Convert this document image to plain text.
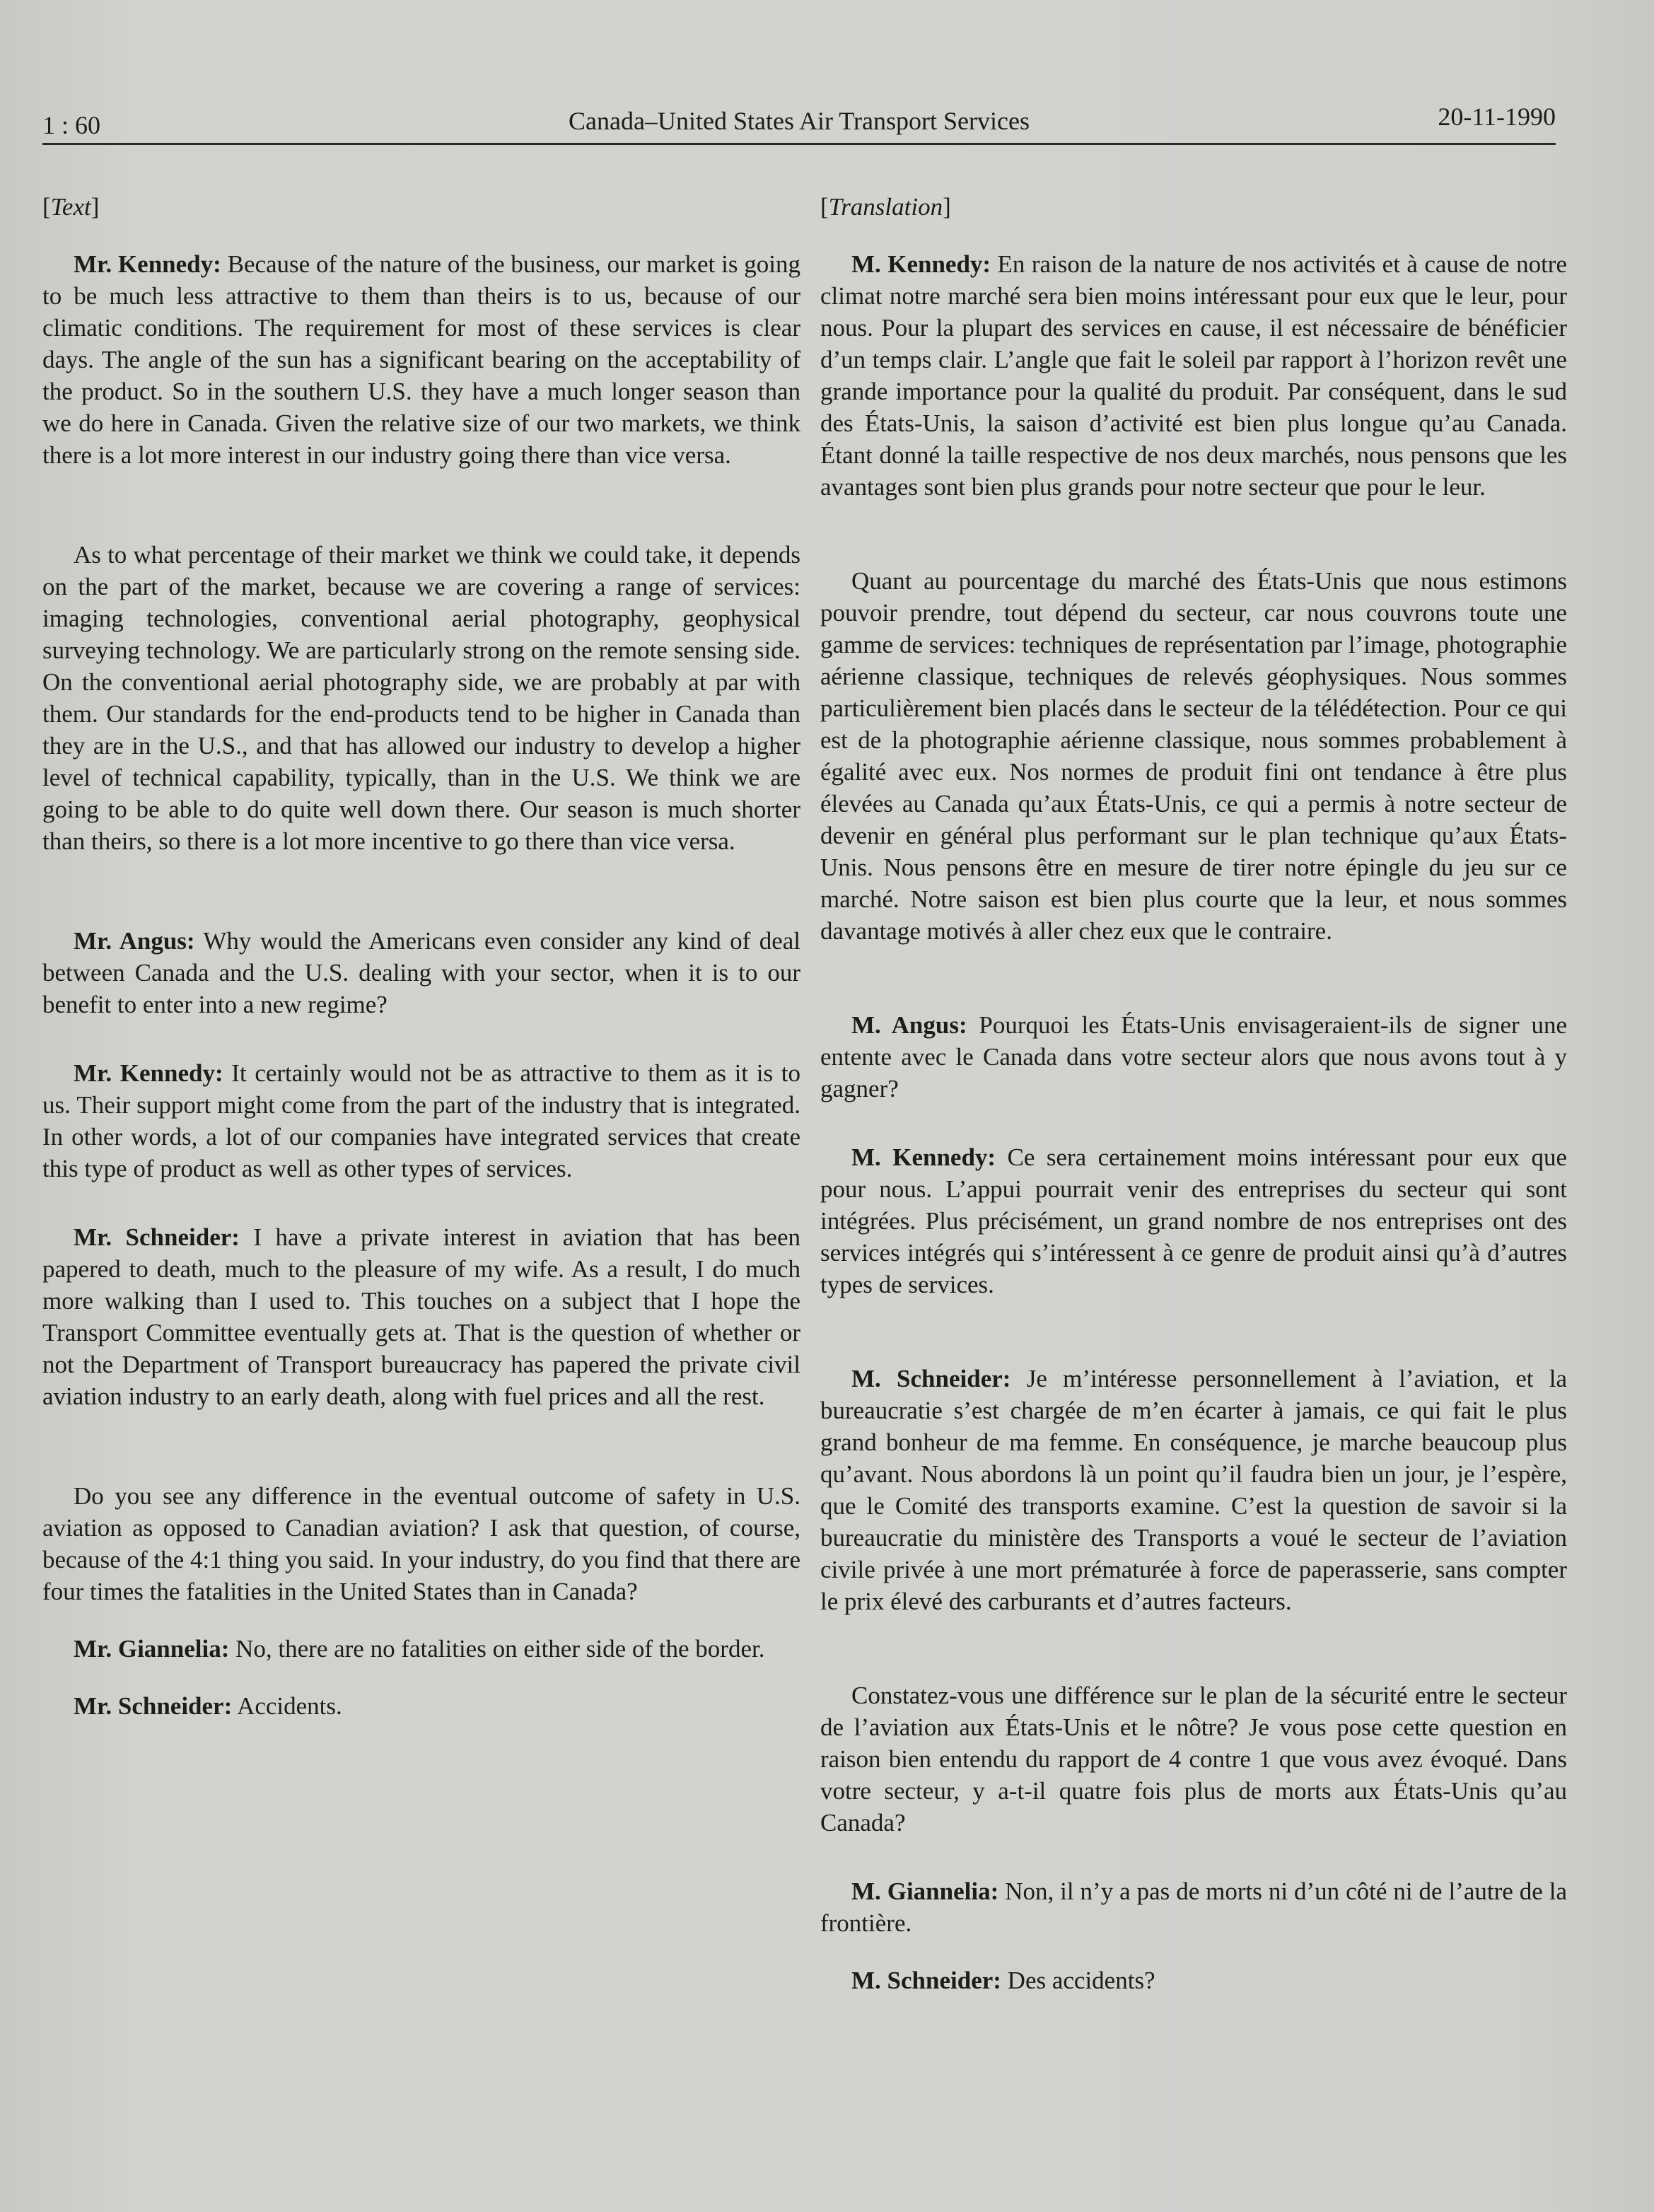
1 : 60	Canada–United States Air Transport Services	20-11-1990
[Text]

Mr. Kennedy: Because of the nature of the business, our market is going to be much less attractive to them than theirs is to us, because of our climatic conditions. The requirement for most of these services is clear days. The angle of the sun has a significant bearing on the acceptability of the product. So in the southern U.S. they have a much longer season than we do here in Canada. Given the relative size of our two markets, we think there is a lot more interest in our industry going there than vice versa.

As to what percentage of their market we think we could take, it depends on the part of the market, because we are covering a range of services: imaging technologies, conventional aerial photography, geophysical surveying technology. We are particularly strong on the remote sensing side. On the conventional aerial photography side, we are probably at par with them. Our standards for the end-products tend to be higher in Canada than they are in the U.S., and that has allowed our industry to develop a higher level of technical capability, typically, than in the U.S. We think we are going to be able to do quite well down there. Our season is much shorter than theirs, so there is a lot more incentive to go there than vice versa.

Mr. Angus: Why would the Americans even consider any kind of deal between Canada and the U.S. dealing with your sector, when it is to our benefit to enter into a new regime?

Mr. Kennedy: It certainly would not be as attractive to them as it is to us. Their support might come from the part of the industry that is integrated. In other words, a lot of our companies have integrated services that create this type of product as well as other types of services.

Mr. Schneider: I have a private interest in aviation that has been papered to death, much to the pleasure of my wife. As a result, I do much more walking than I used to. This touches on a subject that I hope the Transport Committee eventually gets at. That is the question of whether or not the Department of Transport bureaucracy has papered the private civil aviation industry to an early death, along with fuel prices and all the rest.

Do you see any difference in the eventual outcome of safety in U.S. aviation as opposed to Canadian aviation? I ask that question, of course, because of the 4:1 thing you said. In your industry, do you find that there are four times the fatalities in the United States than in Canada?

Mr. Giannelia: No, there are no fatalities on either side of the border.

Mr. Schneider: Accidents.

[Translation]

M. Kennedy: En raison de la nature de nos activités et à cause de notre climat notre marché sera bien moins intéressant pour eux que le leur, pour nous. Pour la plupart des services en cause, il est nécessaire de bénéficier d’un temps clair. L’angle que fait le soleil par rapport à l’horizon revêt une grande importance pour la qualité du produit. Par conséquent, dans le sud des États-Unis, la saison d’activité est bien plus longue qu’au Canada. Étant donné la taille respective de nos deux marchés, nous pensons que les avantages sont bien plus grands pour notre secteur que pour le leur.

Quant au pourcentage du marché des États-Unis que nous estimons pouvoir prendre, tout dépend du secteur, car nous couvrons toute une gamme de services: techniques de représentation par l’image, photographie aérienne classique, techniques de relevés géophysiques. Nous sommes particulièrement bien placés dans le secteur de la télédétection. Pour ce qui est de la photographie aérienne classique, nous sommes probablement à égalité avec eux. Nos normes de produit fini ont tendance à être plus élevées au Canada qu’aux États-Unis, ce qui a permis à notre secteur de devenir en général plus performant sur le plan technique qu’aux États-Unis. Nous pensons être en mesure de tirer notre épingle du jeu sur ce marché. Notre saison est bien plus courte que la leur, et nous sommes davantage motivés à aller chez eux que le contraire.

M. Angus: Pourquoi les États-Unis envisageraient-ils de signer une entente avec le Canada dans votre secteur alors que nous avons tout à y gagner?

M. Kennedy: Ce sera certainement moins intéressant pour eux que pour nous. L’appui pourrait venir des entreprises du secteur qui sont intégrées. Plus précisément, un grand nombre de nos entreprises ont des services intégrés qui s’intéressent à ce genre de produit ainsi qu’à d’autres types de services.

M. Schneider: Je m’intéresse personnellement à l’aviation, et la bureaucratie s’est chargée de m’en écarter à jamais, ce qui fait le plus grand bonheur de ma femme. En conséquence, je marche beaucoup plus qu’avant. Nous abordons là un point qu’il faudra bien un jour, je l’espère, que le Comité des transports examine. C’est la question de savoir si la bureaucratie du ministère des Transports a voué le secteur de l’aviation civile privée à une mort prématurée à force de paperasserie, sans compter le prix élevé des carburants et d’autres facteurs.

Constatez-vous une différence sur le plan de la sécurité entre le secteur de l’aviation aux États-Unis et le nôtre? Je vous pose cette question en raison bien entendu du rapport de 4 contre 1 que vous avez évoqué. Dans votre secteur, y a-t-il quatre fois plus de morts aux États-Unis qu’au Canada?

M. Giannelia: Non, il n’y a pas de morts ni d’un côté ni de l’autre de la frontière.

M. Schneider: Des accidents?
